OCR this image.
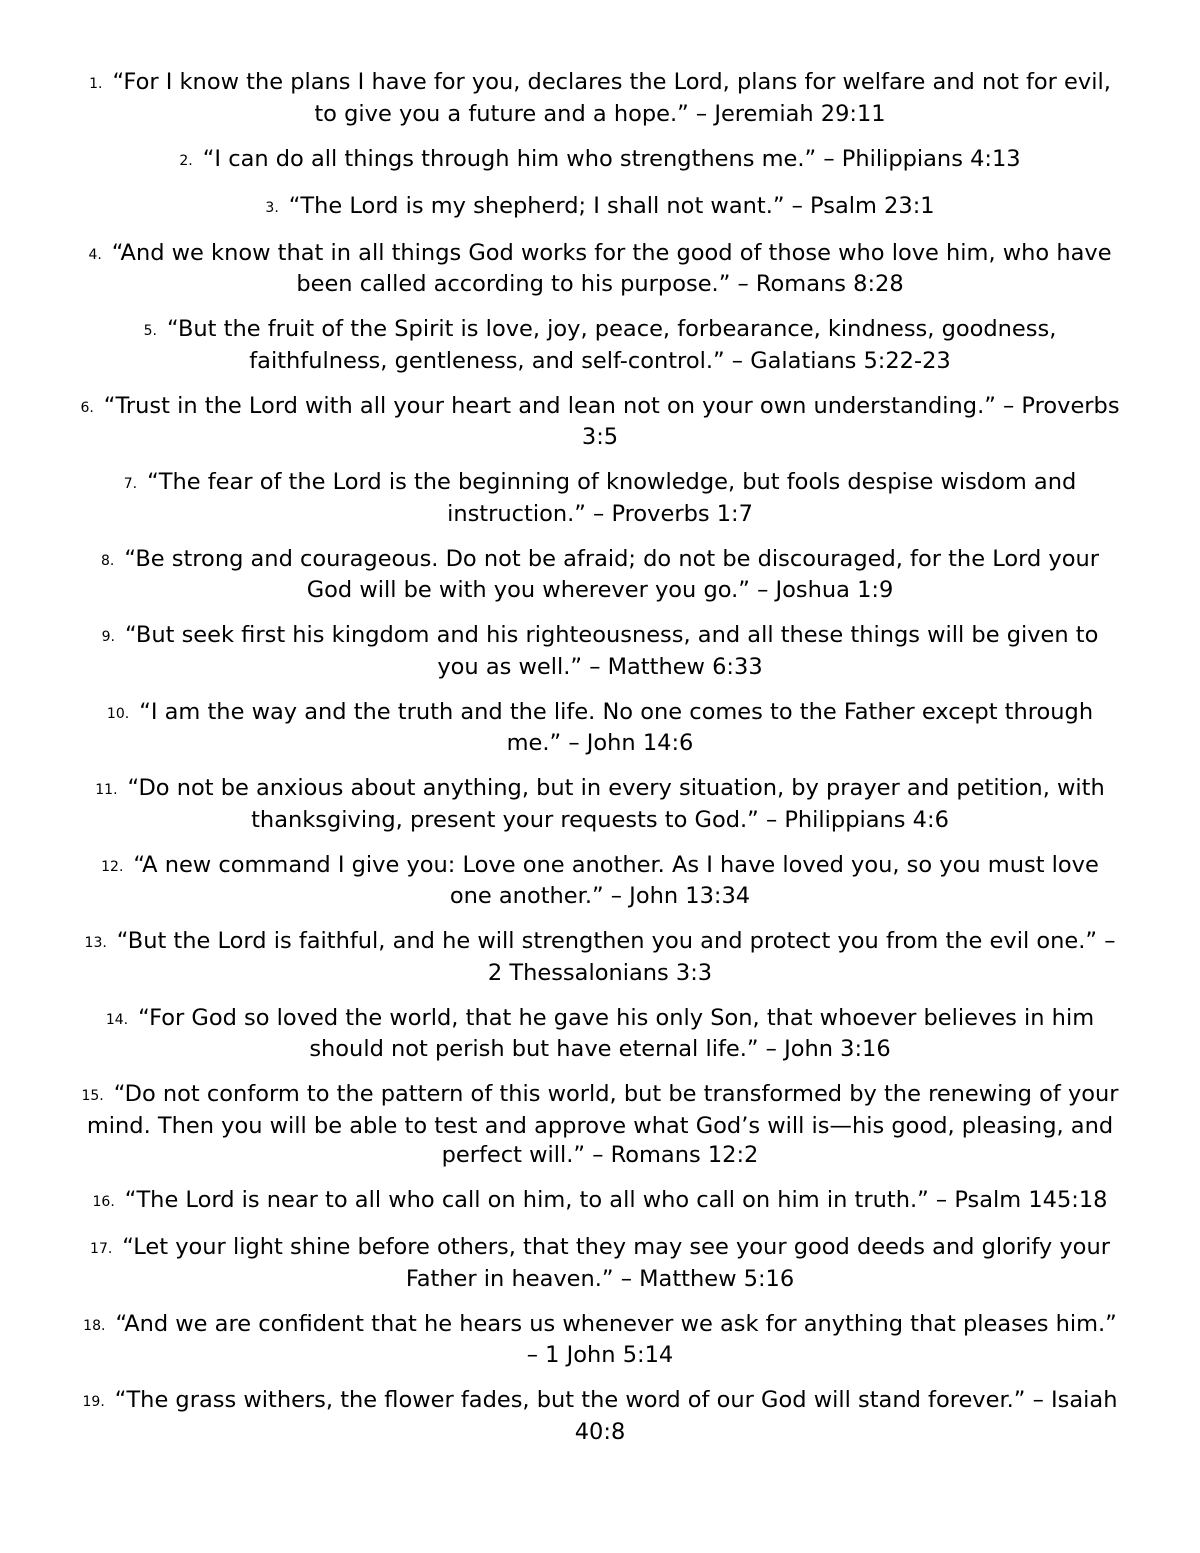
1. “For I know the plans I have for you, declares the Lord, plans for welfare and not for evil, to give you a future and a hope.” – Jeremiah 29:11
2. “I can do all things through him who strengthens me.” – Philippians 4:13
3. “The Lord is my shepherd; I shall not want.” – Psalm 23:1
4. “And we know that in all things God works for the good of those who love him, who have been called according to his purpose.” – Romans 8:28
5. “But the fruit of the Spirit is love, joy, peace, forbearance, kindness, goodness, faithfulness, gentleness, and self-control.” – Galatians 5:22-23
6. “Trust in the Lord with all your heart and lean not on your own understanding.” – Proverbs 3:5
7. “The fear of the Lord is the beginning of knowledge, but fools despise wisdom and instruction.” – Proverbs 1:7
8. “Be strong and courageous. Do not be afraid; do not be discouraged, for the Lord your God will be with you wherever you go.” – Joshua 1:9
9. “But seek first his kingdom and his righteousness, and all these things will be given to you as well.” – Matthew 6:33
10. “I am the way and the truth and the life. No one comes to the Father except through me.” – John 14:6
11. “Do not be anxious about anything, but in every situation, by prayer and petition, with thanksgiving, present your requests to God.” – Philippians 4:6
12. “A new command I give you: Love one another. As I have loved you, so you must love one another.” – John 13:34
13. “But the Lord is faithful, and he will strengthen you and protect you from the evil one.” – 2 Thessalonians 3:3
14. “For God so loved the world, that he gave his only Son, that whoever believes in him should not perish but have eternal life.” – John 3:16
15. “Do not conform to the pattern of this world, but be transformed by the renewing of your mind. Then you will be able to test and approve what God’s will is—his good, pleasing, and perfect will.” – Romans 12:2
16. “The Lord is near to all who call on him, to all who call on him in truth.” – Psalm 145:18
17. “Let your light shine before others, that they may see your good deeds and glorify your Father in heaven.” – Matthew 5:16
18. “And we are confident that he hears us whenever we ask for anything that pleases him.” – 1 John 5:14
19. “The grass withers, the flower fades, but the word of our God will stand forever.” – Isaiah 40:8
